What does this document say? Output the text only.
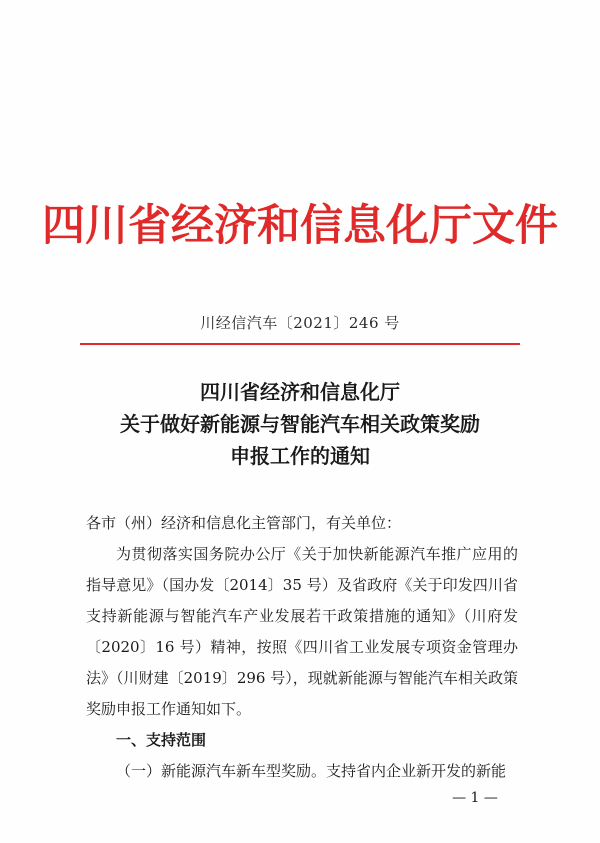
四川省经济和信息化厅文件
川经信汽车〔2021〕246 号
四川省经济和信息化厅
关于做好新能源与智能汽车相关政策奖励
申报工作的通知

各市（州）经济和信息化主管部门，有关单位：

为贯彻落实国务院办公厅《关于加快新能源汽车推广应用的指导意见》（国办发〔2014〕35 号）及省政府《关于印发四川省支持新能源与智能汽车产业发展若干政策措施的通知》（川府发〔2020〕16 号）精神，按照《四川省工业发展专项资金管理办法》（川财建〔2019〕296 号），现就新能源与智能汽车相关政策奖励申报工作通知如下。

一、支持范围

（一）新能源汽车新车型奖励。支持省内企业新开发的新能

— 1 —
